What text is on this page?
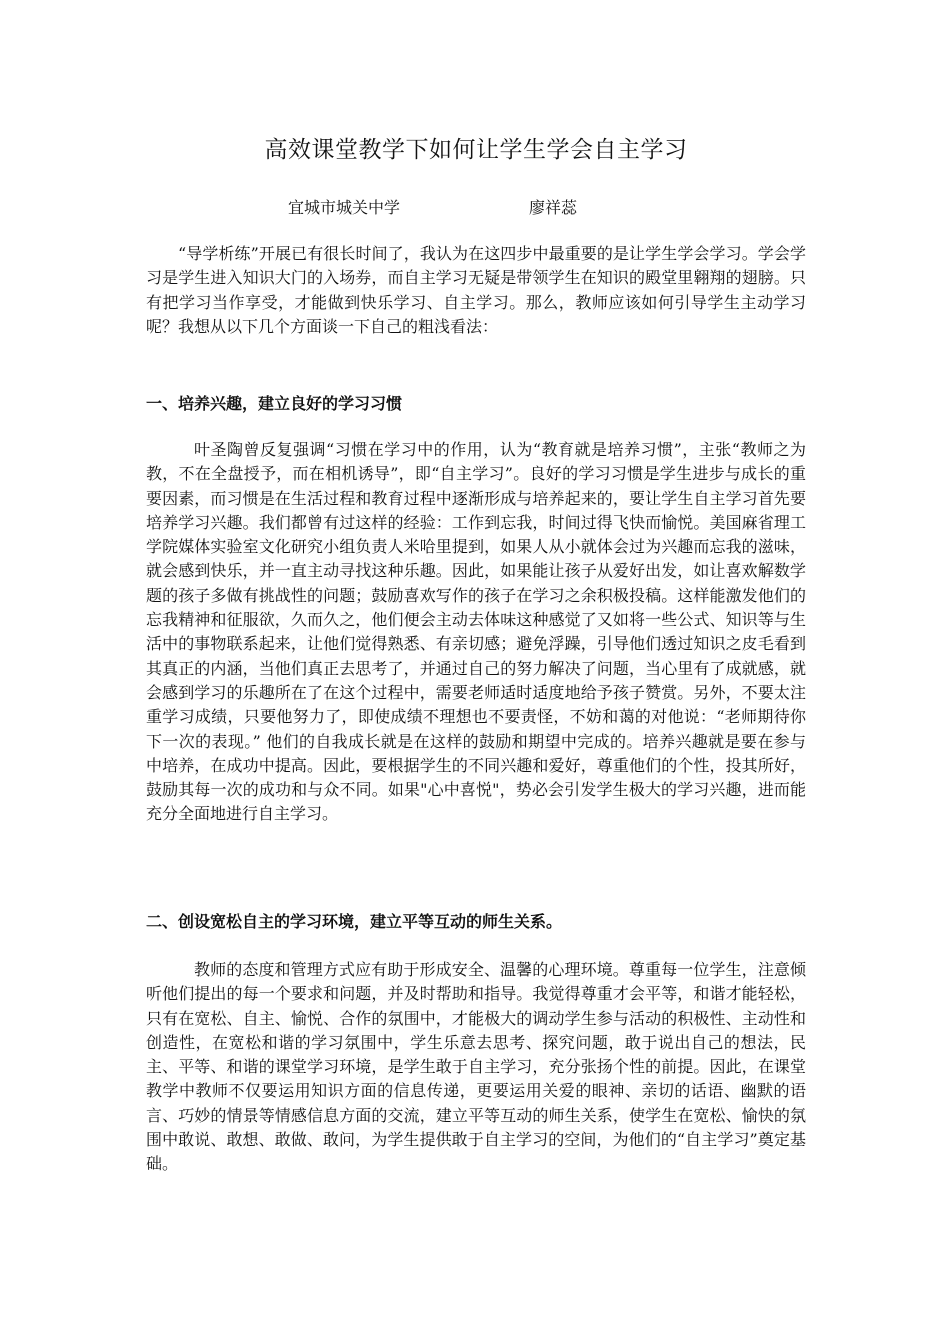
高效课堂教学下如何让学生学会自主学习
宜城市城关中学	廖祥蕊

“导学析练”开展已有很长时间了，我认为在这四步中最重要的是让学生学会学习。学会学习是学生进入知识大门的入场券，而自主学习无疑是带领学生在知识的殿堂里翱翔的翅膀。只有把学习当作享受，才能做到快乐学习、自主学习。那么，教师应该如何引导学生主动学习呢？我想从以下几个方面谈一下自己的粗浅看法：

一、培养兴趣，建立良好的学习习惯

叶圣陶曾反复强调“习惯在学习中的作用，认为“教育就是培养习惯”，主张“教师之为教，不在全盘授予，而在相机诱导”，即“自主学习”。良好的学习习惯是学生进步与成长的重要因素，而习惯是在生活过程和教育过程中逐渐形成与培养起来的，要让学生自主学习首先要培养学习兴趣。我们都曾有过这样的经验：工作到忘我，时间过得飞快而愉悦。美国麻省理工学院媒体实验室文化研究小组负责人米哈里提到，如果人从小就体会过为兴趣而忘我的滋味，就会感到快乐，并一直主动寻找这种乐趣。因此，如果能让孩子从爱好出发，如让喜欢解数学题的孩子多做有挑战性的问题；鼓励喜欢写作的孩子在学习之余积极投稿。这样能激发他们的忘我精神和征服欲，久而久之，他们便会主动去体味这种感觉了又如将一些公式、知识等与生活中的事物联系起来，让他们觉得熟悉、有亲切感；避免浮躁，引导他们透过知识之皮毛看到其真正的内涵，当他们真正去思考了，并通过自己的努力解决了问题，当心里有了成就感，就会感到学习的乐趣所在了在这个过程中，需要老师适时适度地给予孩子赞赏。另外，不要太注重学习成绩，只要他努力了，即使成绩不理想也不要责怪，不妨和蔼的对他说：“老师期待你下一次的表现。” 他们的自我成长就是在这样的鼓励和期望中完成的。培养兴趣就是要在参与中培养，在成功中提高。因此，要根据学生的不同兴趣和爱好，尊重他们的个性，投其所好，鼓励其每一次的成功和与众不同。如果"心中喜悦"，势必会引发学生极大的学习兴趣，进而能充分全面地进行自主学习。

二、创设宽松自主的学习环境，建立平等互动的师生关系。

教师的态度和管理方式应有助于形成安全、温馨的心理环境。尊重每一位学生，注意倾听他们提出的每一个要求和问题，并及时帮助和指导。我觉得尊重才会平等，和谐才能轻松，只有在宽松、自主、愉悦、合作的氛围中，才能极大的调动学生参与活动的积极性、主动性和创造性，在宽松和谐的学习氛围中，学生乐意去思考、探究问题，敢于说出自己的想法，民主、平等、和谐的课堂学习环境，是学生敢于自主学习，充分张扬个性的前提。因此，在课堂教学中教师不仅要运用知识方面的信息传递，更要运用关爱的眼神、亲切的话语、幽默的语言、巧妙的情景等情感信息方面的交流，建立平等互动的师生关系，使学生在宽松、愉快的氛围中敢说、敢想、敢做、敢问，为学生提供敢于自主学习的空间，为他们的“自主学习”奠定基础。
